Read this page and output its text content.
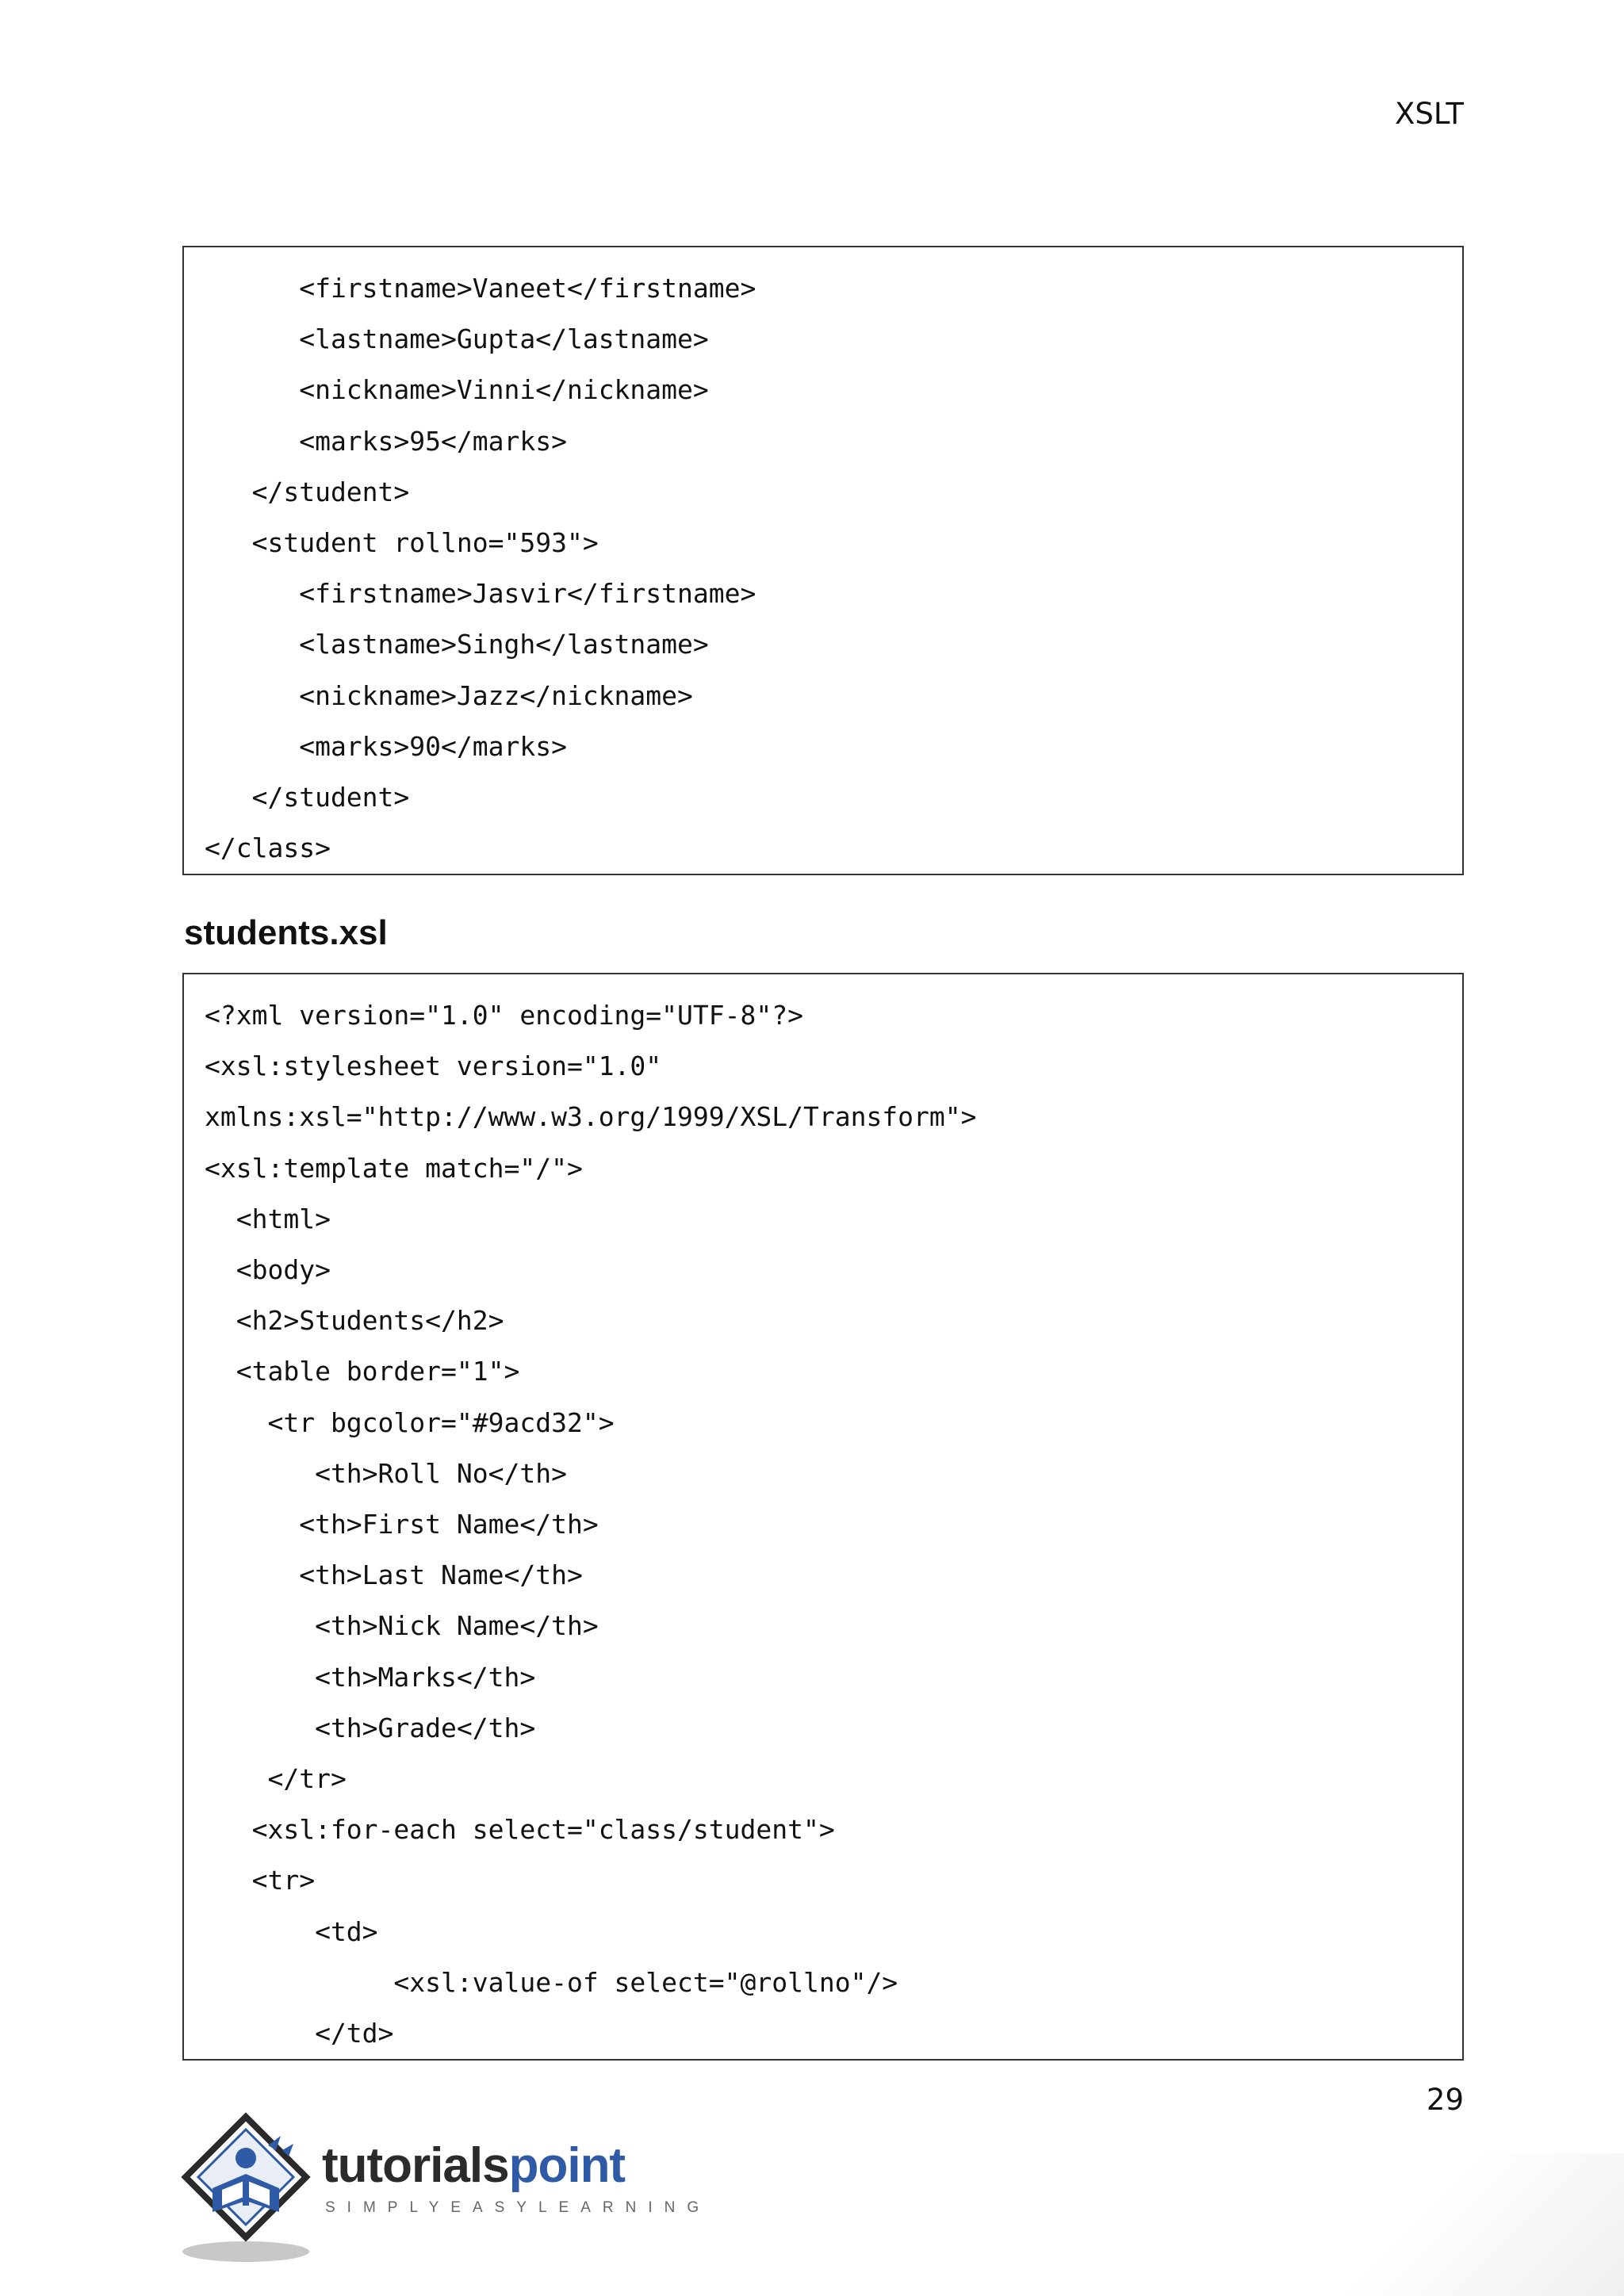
XSLT
<firstname>Vaneet</firstname>
<lastname>Gupta</lastname>
<nickname>Vinni</nickname>
<marks>95</marks>
</student>
<student rollno="593">
<firstname>Jasvir</firstname>
<lastname>Singh</lastname>
<nickname>Jazz</nickname>
<marks>90</marks>
</student>
</class>
students.xsl
<?xml version="1.0" encoding="UTF-8"?>
<xsl:stylesheet version="1.0"
xmlns:xsl="http://www.w3.org/1999/XSL/Transform">
<xsl:template match="/">
<html>
<body>
<h2>Students</h2>
<table border="1">
<tr bgcolor="#9acd32">
<th>Roll No</th>
<th>First Name</th>
<th>Last Name</th>
<th>Nick Name</th>
<th>Marks</th>
<th>Grade</th>
</tr>
<xsl:for-each select="class/student">
<tr>
<td>
<xsl:value-of select="@rollno"/>
</td>
29
tutorialspoint
SIMPLYEASYLEARNING
